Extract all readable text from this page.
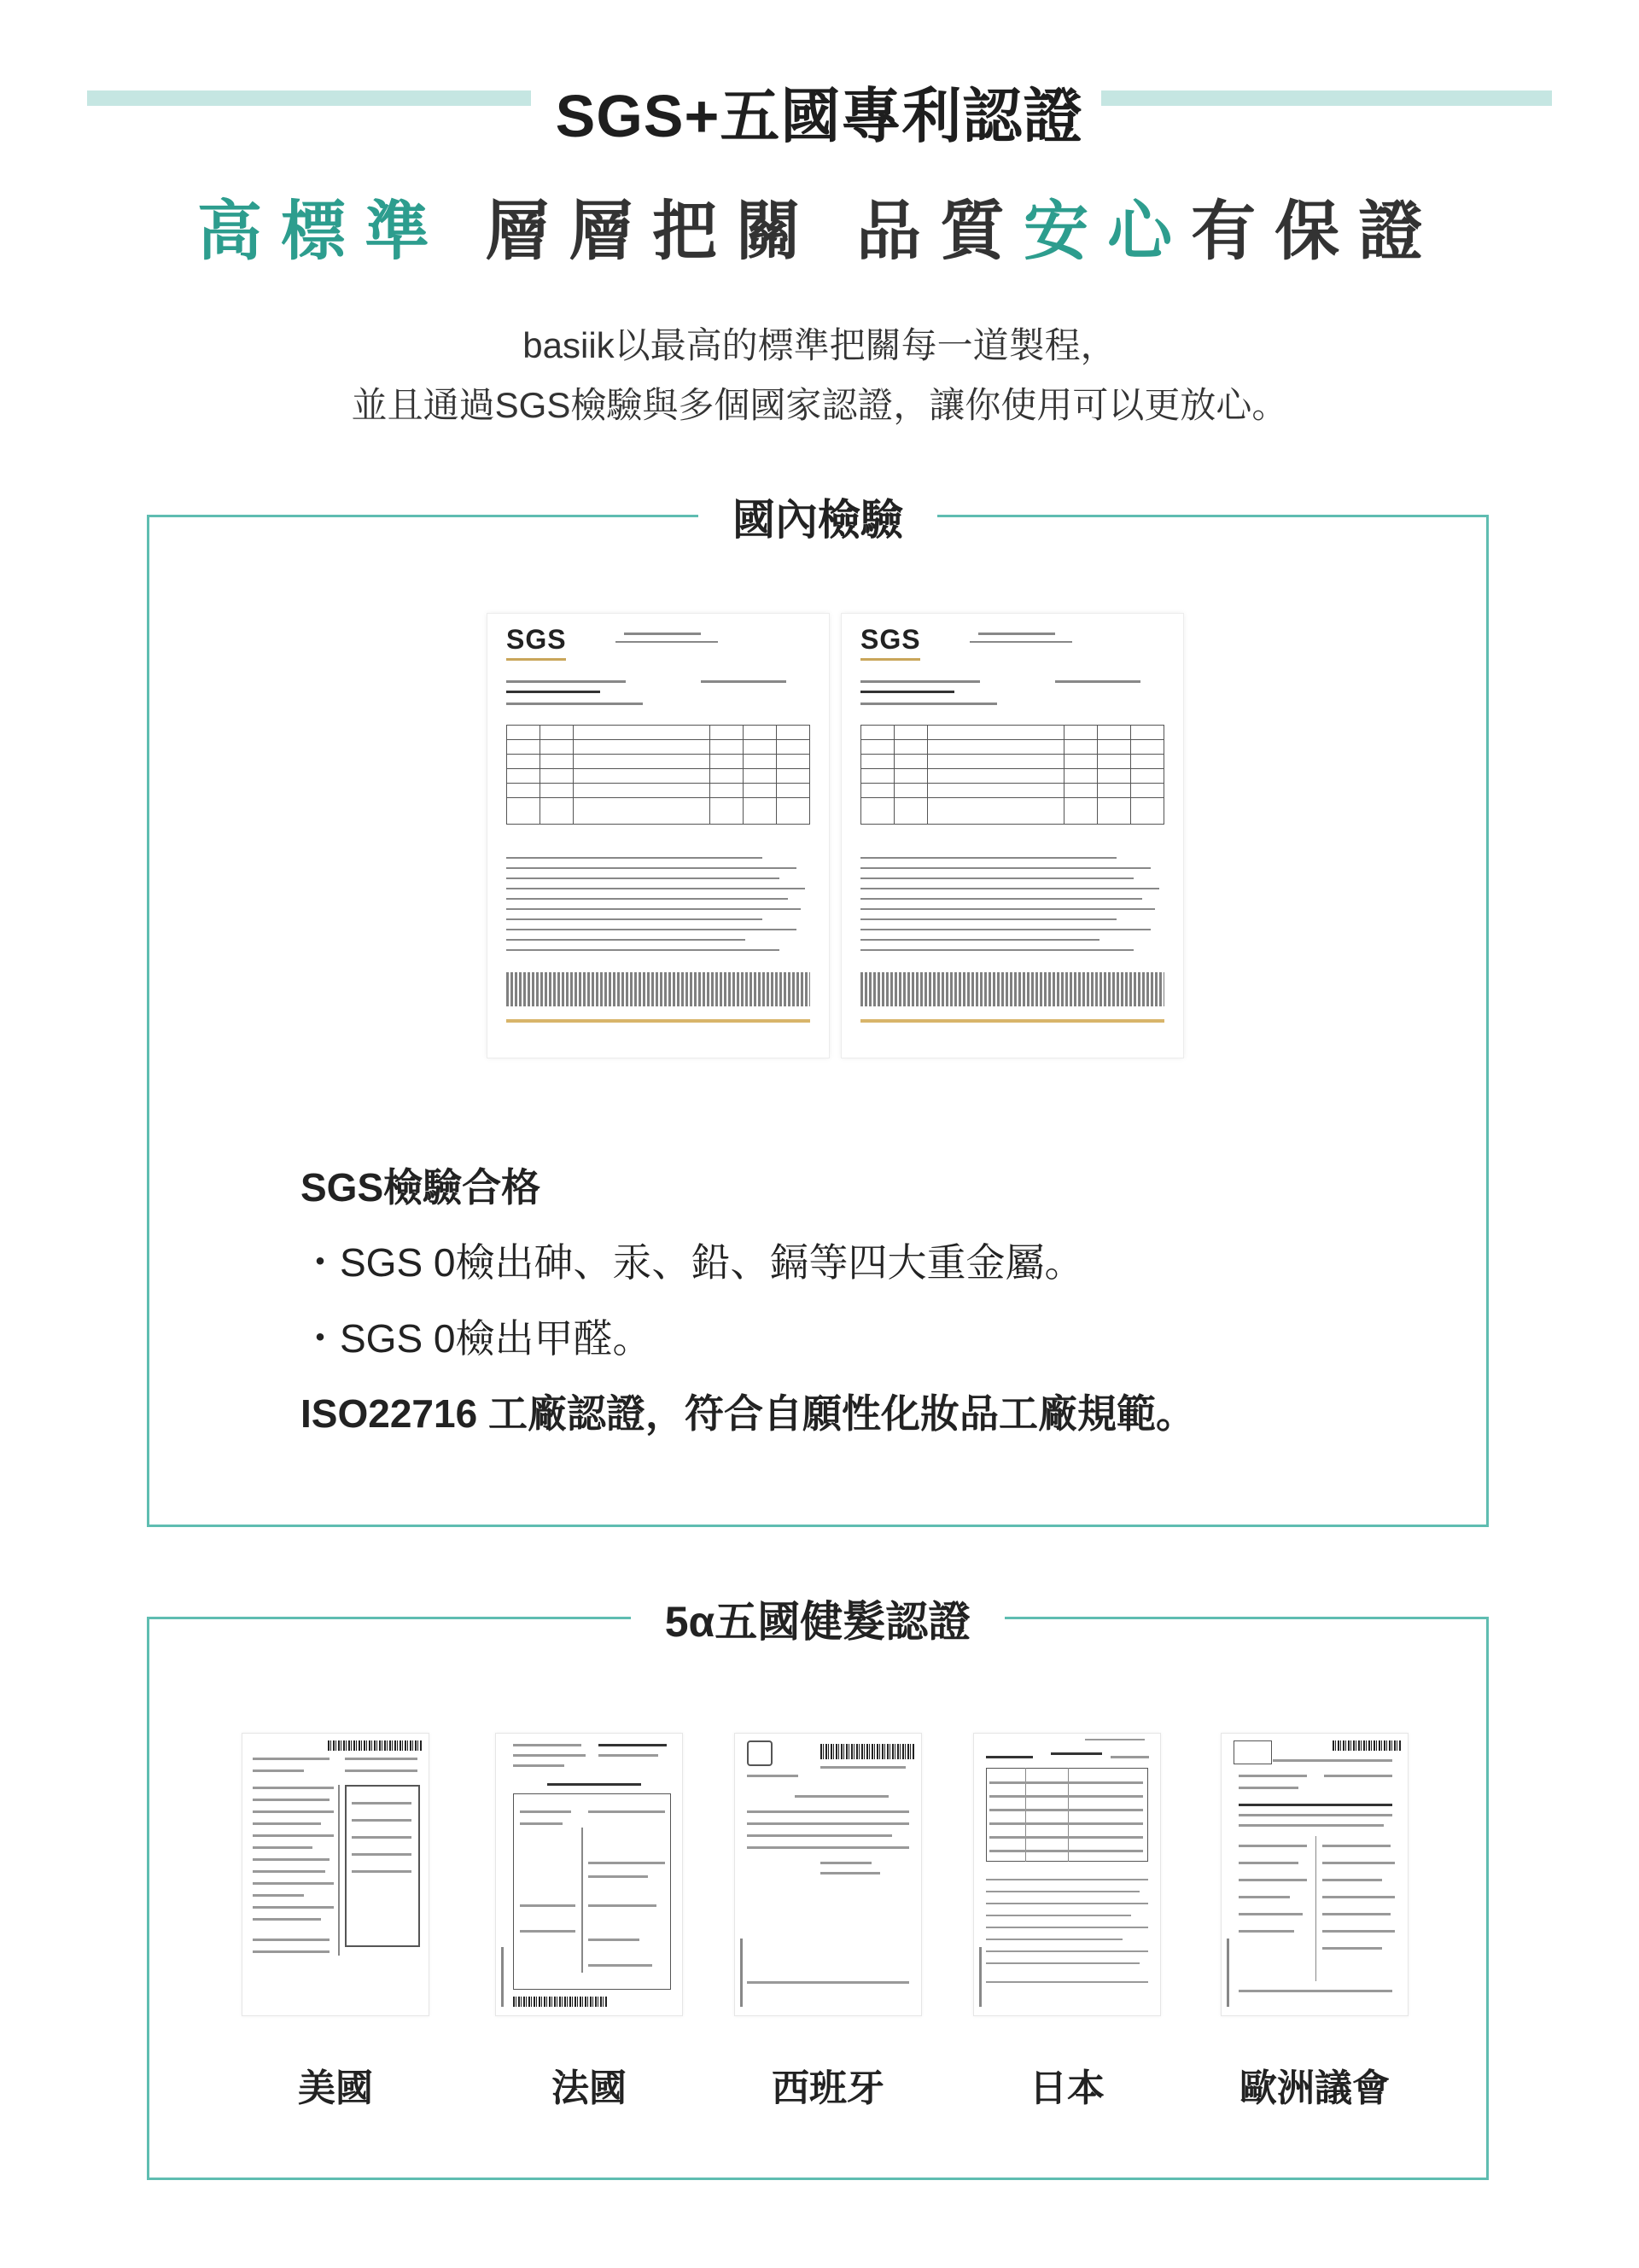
SGS+五國專利認證
高標準 層層把關 品質安心有保證
basiik以最高的標準把關每一道製程，
並且通過SGS檢驗與多個國家認證，讓你使用可以更放心。
國內檢驗
SGS

						SGS

SGS檢驗合格
・SGS 0檢出砷、汞、鉛、鎘等四大重金屬。
・SGS 0檢出甲醛。
ISO22716 工廠認證，符合自願性化妝品工廠規範。
5α五國健髮認證
美國	法國	西班牙	日本	歐洲議會
